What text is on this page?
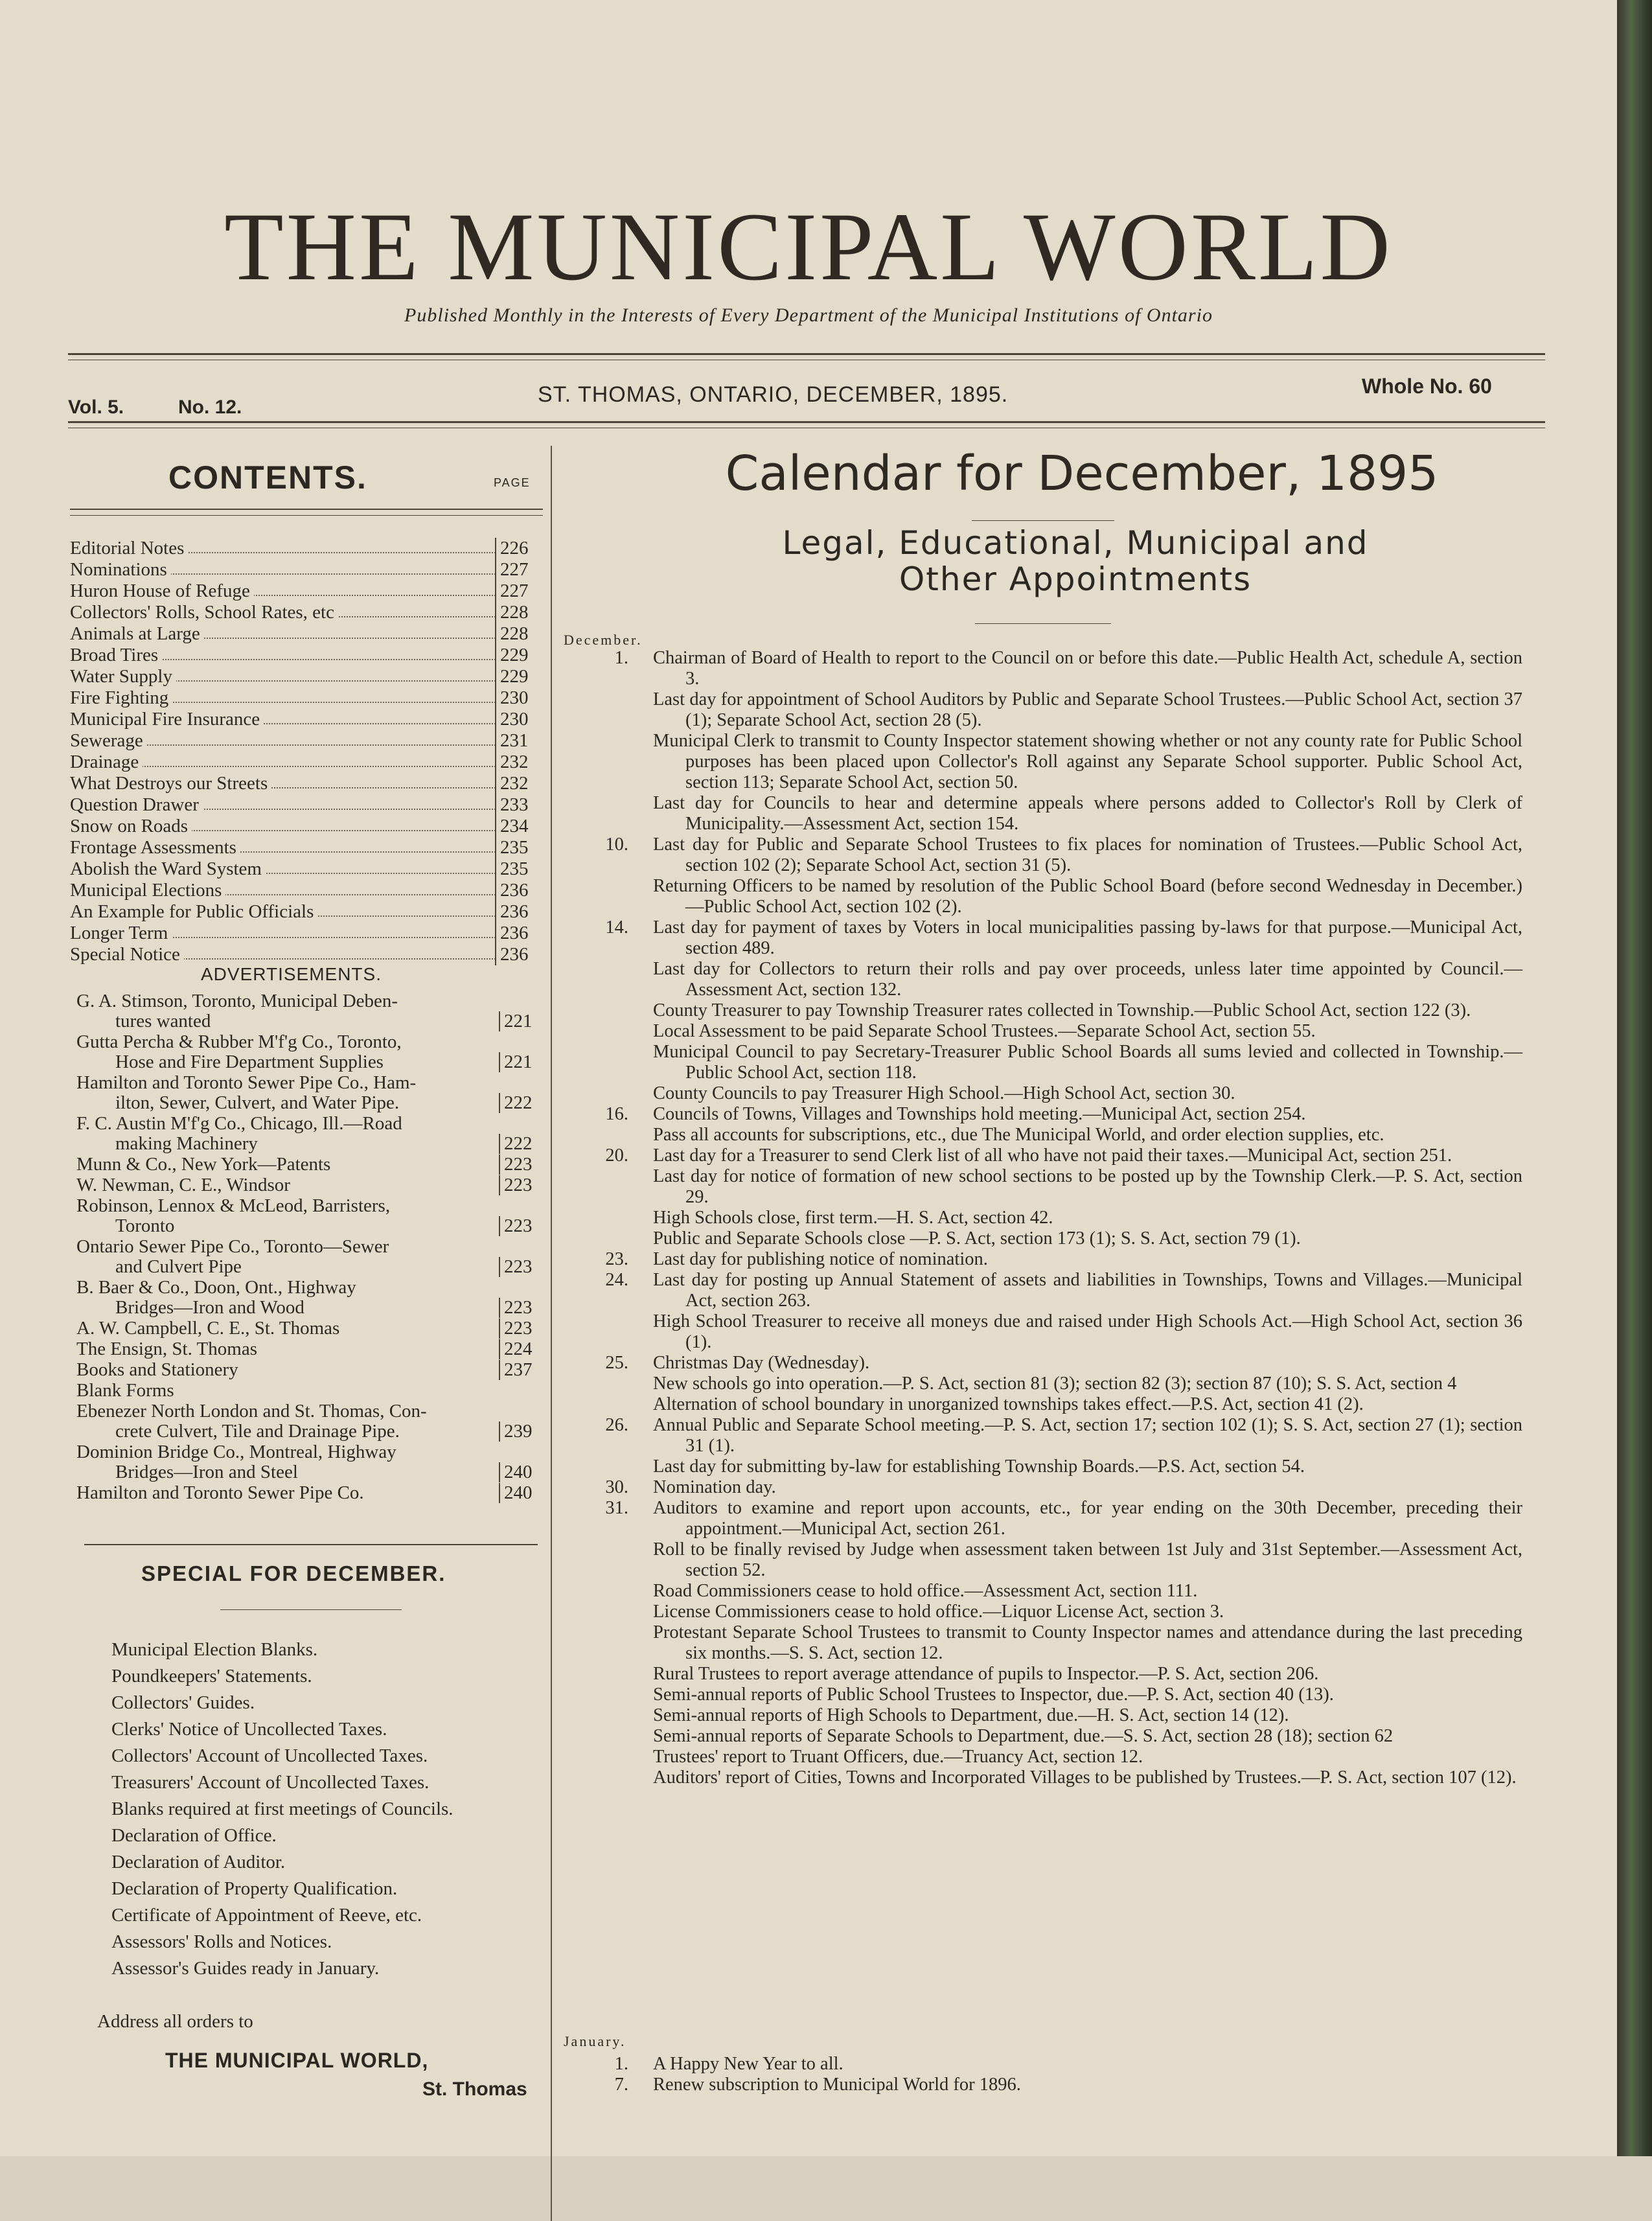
THE MUNICIPAL WORLD
Published Monthly in the Interests of Every Department of the Municipal Institutions of Ontario
Vol. 5.	No. 12.
ST. THOMAS, ONTARIO, DECEMBER, 1895.	Whole No. 60
CONTENTS.	PAGE
Editorial Notes	226
Nominations	227
Huron House of Refuge	227
Collectors' Rolls, School Rates, etc	228
Animals at Large	228
Broad Tires	229
Water Supply	229
Fire Fighting	230
Municipal Fire Insurance	230
Sewerage	231
Drainage	232
What Destroys our Streets	232
Question Drawer	233
Snow on Roads	234
Frontage Assessments	235
Abolish the Ward System	235
Municipal Elections	236
An Example for Public Officials	236
Longer Term	236
Special Notice	236
ADVERTISEMENTS.
G. A. Stimson, Toronto, Municipal Deben-
tures wanted	221
Gutta Percha & Rubber M'f'g Co., Toronto,
Hose and Fire Department Supplies	221
Hamilton and Toronto Sewer Pipe Co., Ham-
ilton, Sewer, Culvert, and Water Pipe.	222
F. C. Austin M'f'g Co., Chicago, Ill.—Road
making Machinery	222
Munn & Co., New York—Patents	223
W. Newman, C. E., Windsor	223
Robinson, Lennox & McLeod, Barristers,
Toronto	223
Ontario Sewer Pipe Co., Toronto—Sewer
and Culvert Pipe	223
B. Baer & Co., Doon, Ont., Highway
Bridges—Iron and Wood	223
A. W. Campbell, C. E., St. Thomas	223
The Ensign, St. Thomas	224
Books and Stationery	237
Blank Forms
Ebenezer North London and St. Thomas, Con-
crete Culvert, Tile and Drainage Pipe.	239
Dominion Bridge Co., Montreal, Highway
Bridges—Iron and Steel	240
Hamilton and Toronto Sewer Pipe Co.	240
SPECIAL FOR DECEMBER.
Municipal Election Blanks.
Poundkeepers' Statements.
Collectors' Guides.
Clerks' Notice of Uncollected Taxes.
Collectors' Account of Uncollected Taxes.
Treasurers' Account of Uncollected Taxes.
Blanks required at first meetings of Councils.
Declaration of Office.
Declaration of Auditor.
Declaration of Property Qualification.
Certificate of Appointment of Reeve, etc.
Assessors' Rolls and Notices.
Assessor's Guides ready in January.
Address all orders to
THE MUNICIPAL WORLD,
St. Thomas
Calendar for December, 1895
Legal, Educational, Municipal and Other Appointments
December.
1. Chairman of Board of Health to report to the Council on or before this date.—Public Health Act, schedule A, section 3.
Last day for appointment of School Auditors by Public and Separate School Trustees.—Public School Act, section 37 (1); Separate School Act, section 28 (5).
Municipal Clerk to transmit to County Inspector statement showing whether or not any county rate for Public School purposes has been placed upon Collector's Roll against any Separate School supporter. Public School Act, section 113; Separate School Act, section 50.
Last day for Councils to hear and determine appeals where persons added to Collector's Roll by Clerk of Municipality.—Assessment Act, section 154.
10. Last day for Public and Separate School Trustees to fix places for nomination of Trustees.—Public School Act, section 102 (2); Separate School Act, section 31 (5).
Returning Officers to be named by resolution of the Public School Board (before second Wednesday in December.)—Public School Act, section 102 (2).
14. Last day for payment of taxes by Voters in local municipalities passing by-laws for that purpose.—Municipal Act, section 489.
Last day for Collectors to return their rolls and pay over proceeds, unless later time appointed by Council.—Assessment Act, section 132.
County Treasurer to pay Township Treasurer rates collected in Township.—Public School Act, section 122 (3).
Local Assessment to be paid Separate School Trustees.—Separate School Act, section 55.
Municipal Council to pay Secretary-Treasurer Public School Boards all sums levied and collected in Township.—Public School Act, section 118.
County Councils to pay Treasurer High School.—High School Act, section 30.
16. Councils of Towns, Villages and Townships hold meeting.—Municipal Act, section 254.
Pass all accounts for subscriptions, etc., due The Municipal World, and order election supplies, etc.
20. Last day for a Treasurer to send Clerk list of all who have not paid their taxes.—Municipal Act, section 251.
Last day for notice of formation of new school sections to be posted up by the Township Clerk.—P. S. Act, section 29.
High Schools close, first term.—H. S. Act, section 42.
Public and Separate Schools close —P. S. Act, section 173 (1); S. S. Act, section 79 (1).
23. Last day for publishing notice of nomination.
24. Last day for posting up Annual Statement of assets and liabilities in Townships, Towns and Villages.—Municipal Act, section 263.
High School Treasurer to receive all moneys due and raised under High Schools Act.—High School Act, section 36 (1).
25. Christmas Day (Wednesday).
New schools go into operation.—P. S. Act, section 81 (3); section 82 (3); section 87 (10); S. S. Act, section 4
Alternation of school boundary in unorganized townships takes effect.—P.S. Act, section 41 (2).
26. Annual Public and Separate School meeting.—P. S. Act, section 17; section 102 (1); S. S. Act, section 27 (1); section 31 (1).
Last day for submitting by-law for establishing Township Boards.—P.S. Act, section 54.
30. Nomination day.
31. Auditors to examine and report upon accounts, etc., for year ending on the 30th December, preceding their appointment.—Municipal Act, section 261.
Roll to be finally revised by Judge when assessment taken between 1st July and 31st September.—Assessment Act, section 52.
Road Commissioners cease to hold office.—Assessment Act, section 111.
License Commissioners cease to hold office.—Liquor License Act, section 3.
Protestant Separate School Trustees to transmit to County Inspector names and attendance during the last preceding six months.—S. S. Act, section 12.
Rural Trustees to report average attendance of pupils to Inspector.—P. S. Act, section 206.
Semi-annual reports of Public School Trustees to Inspector, due.—P. S. Act, section 40 (13).
Semi-annual reports of High Schools to Department, due.—H. S. Act, section 14 (12).
Semi-annual reports of Separate Schools to Department, due.—S. S. Act, section 28 (18); section 62
Trustees' report to Truant Officers, due.—Truancy Act, section 12.
Auditors' report of Cities, Towns and Incorporated Villages to be published by Trustees.—P. S. Act, section 107 (12).
January.
1. A Happy New Year to all.
7. Renew subscription to Municipal World for 1896.
